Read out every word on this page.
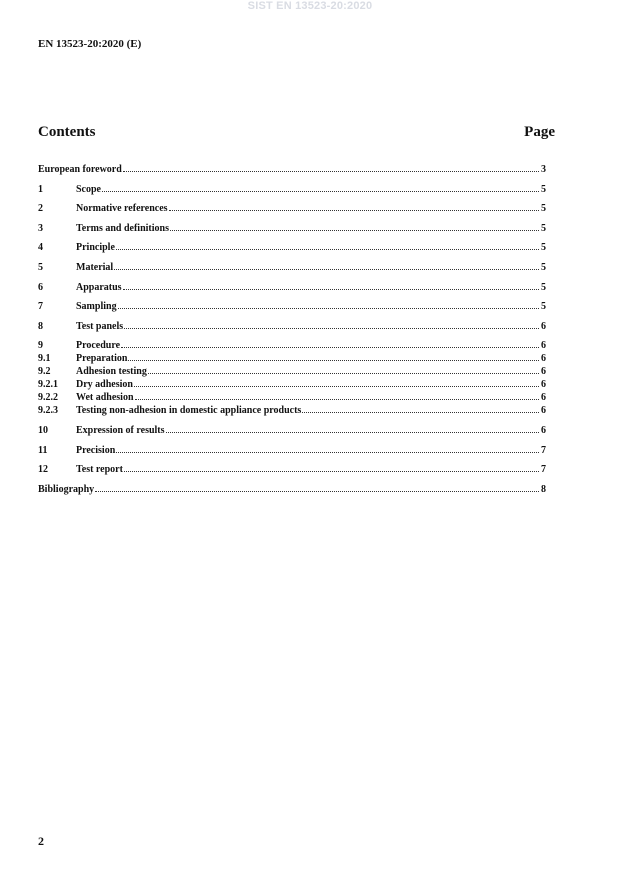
SIST EN 13523-20:2020
EN 13523-20:2020 (E)
Contents	Page
European foreword	3
1	Scope	5
2	Normative references	5
3	Terms and definitions	5
4	Principle	5
5	Material	5
6	Apparatus	5
7	Sampling	5
8	Test panels	6
9	Procedure	6
9.1	Preparation	6
9.2	Adhesion testing	6
9.2.1	Dry adhesion	6
9.2.2	Wet adhesion	6
9.2.3	Testing non-adhesion in domestic appliance products	6
10	Expression of results	6
11	Precision	7
12	Test report	7
Bibliography	8
2
